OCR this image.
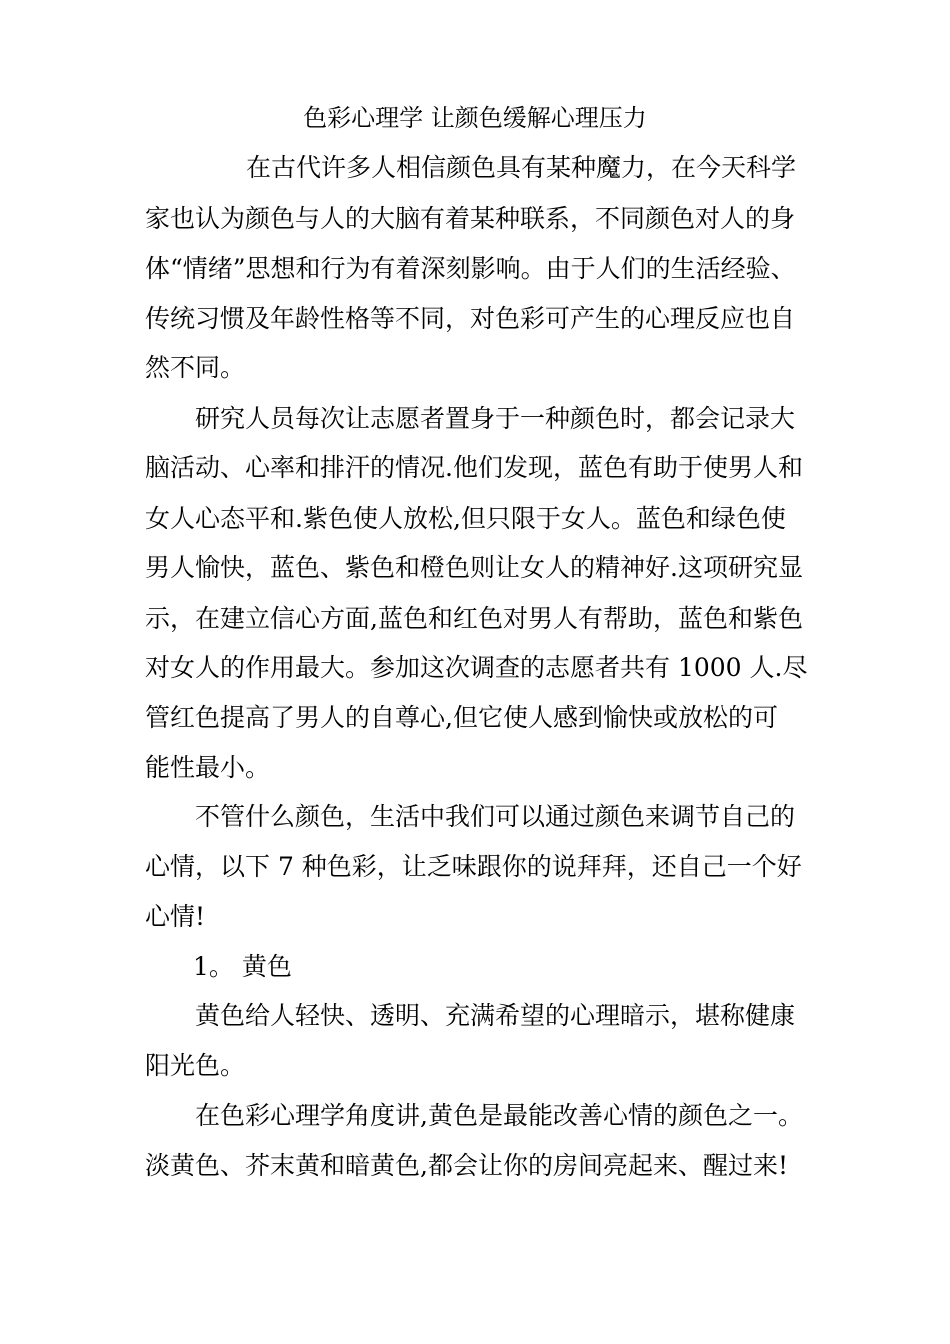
色彩心理学 让颜色缓解心理压力
在古代许多人相信颜色具有某种魔力，在今天科学
家也认为颜色与人的大脑有着某种联系，不同颜色对人的身
体“情绪”思想和行为有着深刻影响。由于人们的生活经验、
传统习惯及年龄性格等不同，对色彩可产生的心理反应也自
然不同。
研究人员每次让志愿者置身于一种颜色时，都会记录大
脑活动、心率和排汗的情况.他们发现，蓝色有助于使男人和
女人心态平和.紫色使人放松,但只限于女人。蓝色和绿色使
男人愉快，蓝色、紫色和橙色则让女人的精神好.这项研究显
示，在建立信心方面,蓝色和红色对男人有帮助，蓝色和紫色
对女人的作用最大。参加这次调查的志愿者共有 1000 人.尽
管红色提高了男人的自尊心,但它使人感到愉快或放松的可
能性最小。
不管什么颜色，生活中我们可以通过颜色来调节自己的
心情，以下 7 种色彩，让乏味跟你的说拜拜，还自己一个好
心情!
1。 黄色
黄色给人轻快、透明、充满希望的心理暗示，堪称健康
阳光色。
在色彩心理学角度讲,黄色是最能改善心情的颜色之一。
淡黄色、芥末黄和暗黄色,都会让你的房间亮起来、醒过来!
